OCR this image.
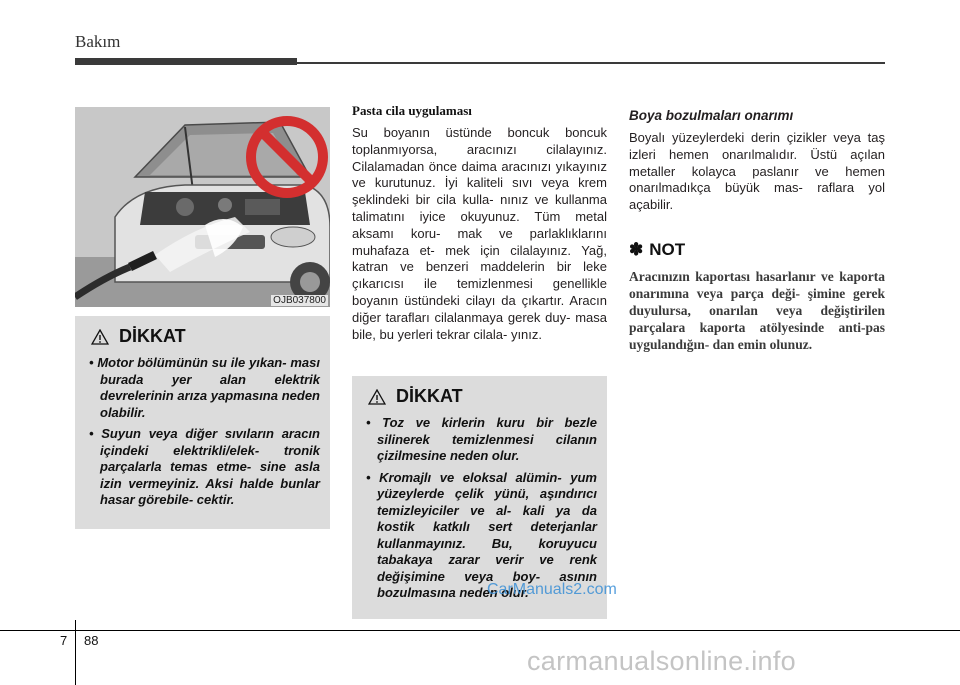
Bakım
OJB037800
DİKKAT
• Motor bölümünün su ile yıkan- ması burada yer alan elektrik devrelerinin arıza yapmasına neden olabilir.
• Suyun veya diğer sıvıların aracın içindeki elektrikli/elek- tronik parçalarla temas etme- sine asla izin vermeyiniz. Aksi halde bunlar hasar görebile- cektir.

Pasta cila uygulaması

Su boyanın üstünde boncuk boncuk toplanmıyorsa, aracınızı cilalayınız. Cilalamadan önce daima aracınızı yıkayınız ve kurutunuz. İyi kaliteli sıvı veya krem şeklindeki bir cila kulla- nınız ve kullanma talimatını iyice okuyunuz. Tüm metal aksamı koru- mak ve parlaklıklarını muhafaza et- mek için cilalayınız. Yağ, katran ve benzeri maddelerin bir leke çıkarıcısı ile temizlenmesi genellikle boyanın üstündeki cilayı da çıkartır. Aracın diğer tarafları cilalanmaya gerek duy- masa bile, bu yerleri tekrar cilala- yınız.

DİKKAT
• Toz ve kirlerin kuru bir bezle silinerek temizlenmesi cilanın çizilmesine neden olur.
• Kromajlı ve eloksal alümin- yum yüzeylerde çelik yünü, aşındırıcı temizleyiciler ve al- kali ya da kostik katkılı sert deterjanlar kullanmayınız. Bu, koruyucu tabakaya zarar verir ve renk değişimine veya boy- asının bozulmasına neden olur.

Boya bozulmaları onarımı

Boyalı yüzeylerdeki derin çizikler veya taş izleri hemen onarılmalıdır. Üstü açılan metaller kolayca paslanır ve hemen onarılmadıkça büyük mas- raflara yol açabilir.

✽ NOT

Aracınızın kaportası hasarlanır ve kaporta onarımına veya parça deği- şimine gerek duyulursa, onarılan veya değiştirilen parçalara kaporta atölyesinde anti-pas uygulandığın- dan emin olunuz.

CarManuals2.com
7 88
carmanualsonline.info
